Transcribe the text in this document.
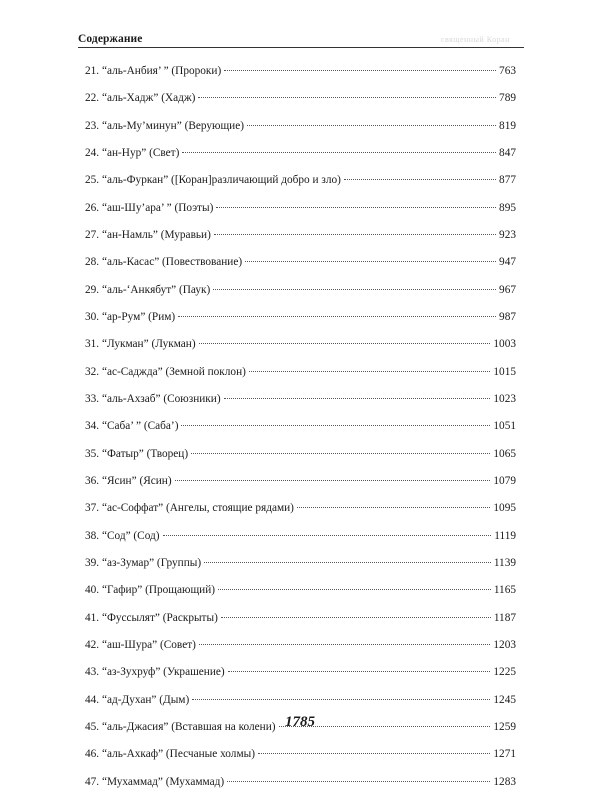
Содержание	священный Коран
21. “аль-Анбия’ ” (Пророки)	763
22. “аль-Хадж” (Хадж)	789
23. “аль-Му’минун” (Верующие)	819
24. “ан-Нур” (Свет)	847
25. “аль-Фуркан” ([Коран]различающий добро и зло)	877
26. “аш-Шу’ара’ ” (Поэты)	895
27. “ан-Намль” (Муравьи)	923
28. “аль-Касас” (Повествование)	947
29. “аль-‘Анкябут” (Паук)	967
30. “ар-Рум” (Рим)	987
31. “Лукман” (Лукман)	1003
32. “ас-Саджда” (Земной поклон)	1015
33. “аль-Ахзаб” (Союзники)	1023
34. “Саба’ ” (Саба’)	1051
35. “Фатыр” (Творец)	1065
36. “Ясин” (Ясин)	1079
37. “ас-Соффат” (Ангелы, стоящие рядами)	1095
38. “Сод” (Сод)	1119
39. “аз-Зумар” (Группы)	1139
40. “Гафир” (Прощающий)	1165
41. “Фуссылят” (Раскрыты)	1187
42. “аш-Шура” (Совет)	1203
43. “аз-Зухруф” (Украшение)	1225
44. “ад-Духан” (Дым)	1245
45. “аль-Джасия” (Вставшая на колени)	1259
46. “аль-Ахкаф” (Песчаные холмы)	1271
47. “Мухаммад” (Мухаммад)	1283
1785
